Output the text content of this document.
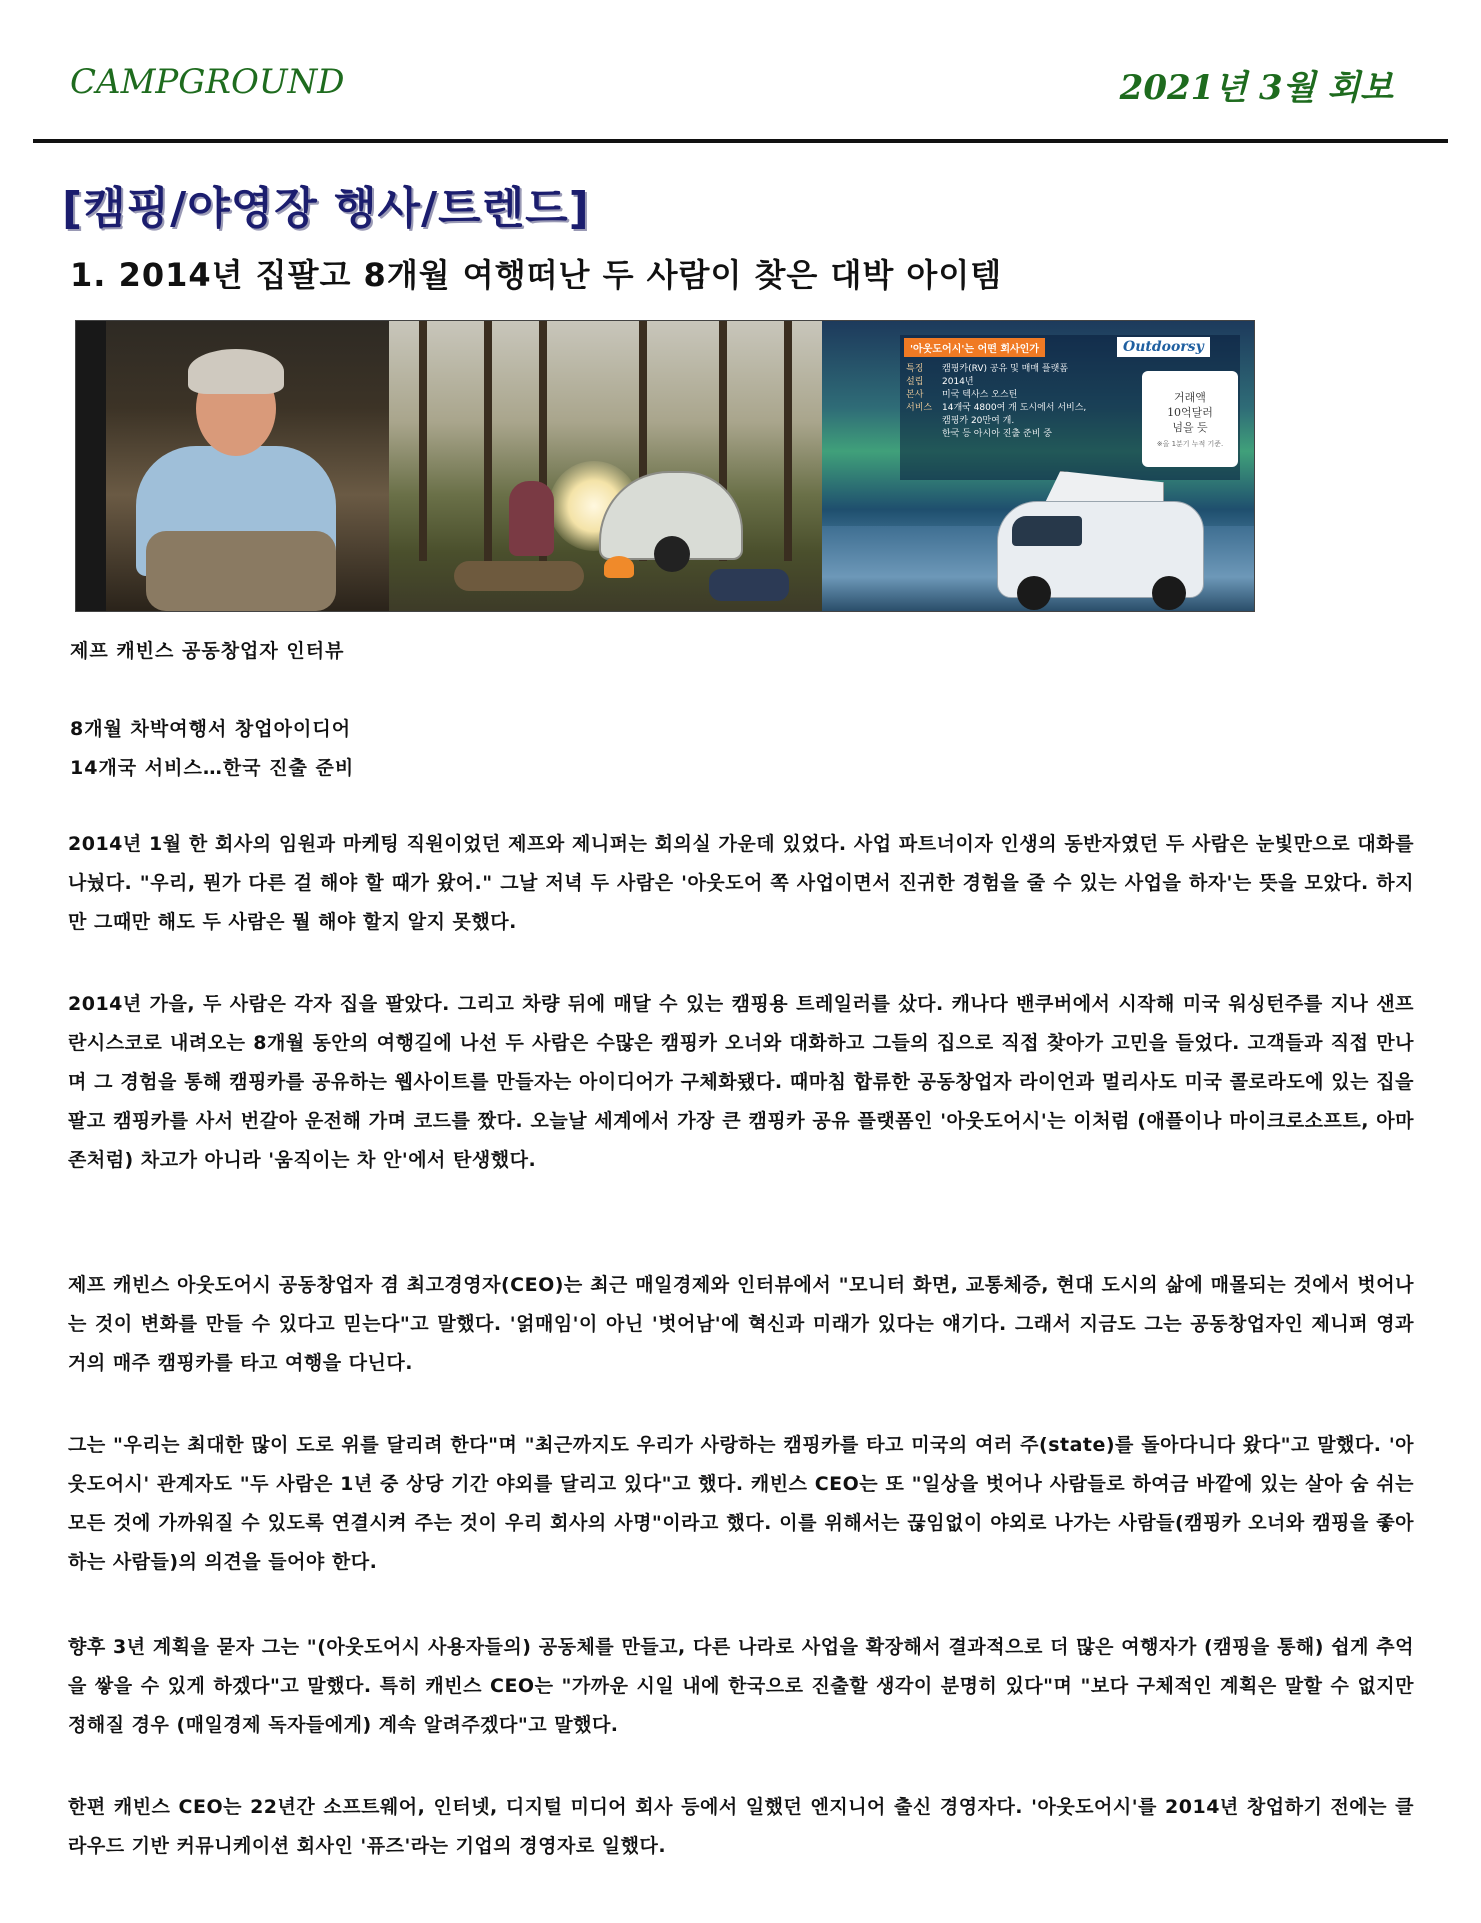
CAMPGROUND	2021년 3월 회보
[캠핑/야영장 행사/트렌드]
1. 2014년 집팔고 8개월 여행떠난 두 사람이 찾은 대박 아이템
'아웃도어시'는 어떤 회사인가	Outdoorsy
특징	캠핑카(RV) 공유 및 매매 플랫폼
설립	2014년
본사	미국 텍사스 오스틴
서비스	14개국 4800여 개 도시에서 서비스,
캠핑카 20만여 개.
한국 등 아시아 진출 준비 중
거래액
10억달러
넘을 듯
※올 1분기 누적 기준.
제프 캐빈스 공동창업자 인터뷰
8개월 차박여행서 창업아이디어
14개국 서비스…한국 진출 준비

2014년 1월 한 회사의 임원과 마케팅 직원이었던 제프와 제니퍼는 회의실 가운데 있었다. 사업 파트너이자 인생의 동반자였던 두 사람은 눈빛만으로 대화를 나눴다. "우리, 뭔가 다른 걸 해야 할 때가 왔어." 그날 저녁 두 사람은 '아웃도어 쪽 사업이면서 진귀한 경험을 줄 수 있는 사업을 하자'는 뜻을 모았다. 하지만 그때만 해도 두 사람은 뭘 해야 할지 알지 못했다.

2014년 가을, 두 사람은 각자 집을 팔았다. 그리고 차량 뒤에 매달 수 있는 캠핑용 트레일러를 샀다. 캐나다 밴쿠버에서 시작해 미국 워싱턴주를 지나 샌프란시스코로 내려오는 8개월 동안의 여행길에 나선 두 사람은 수많은 캠핑카 오너와 대화하고 그들의 집으로 직접 찾아가 고민을 들었다. 고객들과 직접 만나며 그 경험을 통해 캠핑카를 공유하는 웹사이트를 만들자는 아이디어가 구체화됐다. 때마침 합류한 공동창업자 라이언과 멀리사도 미국 콜로라도에 있는 집을 팔고 캠핑카를 사서 번갈아 운전해 가며 코드를 짰다. 오늘날 세계에서 가장 큰 캠핑카 공유 플랫폼인 '아웃도어시'는 이처럼 (애플이나 마이크로소프트, 아마존처럼) 차고가 아니라 '움직이는 차 안'에서 탄생했다.

제프 캐빈스 아웃도어시 공동창업자 겸 최고경영자(CEO)는 최근 매일경제와 인터뷰에서 "모니터 화면, 교통체증, 현대 도시의 삶에 매몰되는 것에서 벗어나는 것이 변화를 만들 수 있다고 믿는다"고 말했다. '얽매임'이 아닌 '벗어남'에 혁신과 미래가 있다는 얘기다. 그래서 지금도 그는 공동창업자인 제니퍼 영과 거의 매주 캠핑카를 타고 여행을 다닌다.

그는 "우리는 최대한 많이 도로 위를 달리려 한다"며 "최근까지도 우리가 사랑하는 캠핑카를 타고 미국의 여러 주(state)를 돌아다니다 왔다"고 말했다. '아웃도어시' 관계자도 "두 사람은 1년 중 상당 기간 야외를 달리고 있다"고 했다. 캐빈스 CEO는 또 "일상을 벗어나 사람들로 하여금 바깥에 있는 살아 숨 쉬는 모든 것에 가까워질 수 있도록 연결시켜 주는 것이 우리 회사의 사명"이라고 했다. 이를 위해서는 끊임없이 야외로 나가는 사람들(캠핑카 오너와 캠핑을 좋아하는 사람들)의 의견을 들어야 한다.

향후 3년 계획을 묻자 그는 "(아웃도어시 사용자들의) 공동체를 만들고, 다른 나라로 사업을 확장해서 결과적으로 더 많은 여행자가 (캠핑을 통해) 쉽게 추억을 쌓을 수 있게 하겠다"고 말했다. 특히 캐빈스 CEO는 "가까운 시일 내에 한국으로 진출할 생각이 분명히 있다"며 "보다 구체적인 계획은 말할 수 없지만 정해질 경우 (매일경제 독자들에게) 계속 알려주겠다"고 말했다.

한편 캐빈스 CEO는 22년간 소프트웨어, 인터넷, 디지털 미디어 회사 등에서 일했던 엔지니어 출신 경영자다. '아웃도어시'를 2014년 창업하기 전에는 클라우드 기반 커뮤니케이션 회사인 '퓨즈'라는 기업의 경영자로 일했다.
